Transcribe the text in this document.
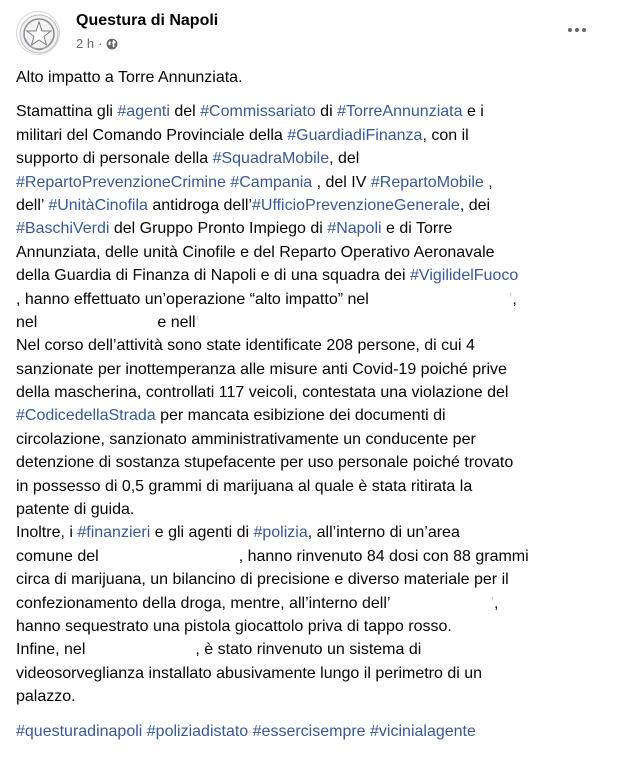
Questura di Napoli
2 h ·
Alto impatto a Torre Annunziata.
Stamattina gli #agenti del #Commissariato di #TorreAnnunziata e i
militari del Comando Provinciale della #GuardiadiFinanza, con il
supporto di personale della #SquadraMobile, del
#RepartoPrevenzioneCrimine #Campania , del IV #RepartoMobile ,
dell’ #UnitàCinofila antidroga dell’#UfficioPrevenzioneGenerale, dei
#BaschiVerdi del Gruppo Pronto Impiego di #Napoli e di Torre
Annunziata, delle unità Cinofile e del Reparto Operativo Aeronavale
della Guardia di Finanza di Napoli e di una squadra dei #VigilidelFuoco
, hanno effettuato un’operazione “alto impatto” nel	’,
nel	e nell’
Nel corso dell’attività sono state identificate 208 persone, di cui 4
sanzionate per inottemperanza alle misure anti Covid-19 poiché prive
della mascherina, controllati 117 veicoli, contestata una violazione del
#CodicedellaStrada per mancata esibizione dei documenti di
circolazione, sanzionato amministrativamente un conducente per
detenzione di sostanza stupefacente per uso personale poiché trovato
in possesso di 0,5 grammi di marijuana al quale è stata ritirata la
patente di guida.
Inoltre, i #finanzieri e gli agenti di #polizia, all’interno di un’area
comune del	, hanno rinvenuto 84 dosi con 88 grammi
circa di marijuana, un bilancino di precisione e diverso materiale per il
confezionamento della droga, mentre, all’interno dell’	’,
hanno sequestrato una pistola giocattolo priva di tappo rosso.
Infine, nel	, è stato rinvenuto un sistema di
videosorveglianza installato abusivamente lungo il perimetro di un
palazzo.
#questuradinapoli #poliziadistato #essercisempre #vicinialagente
